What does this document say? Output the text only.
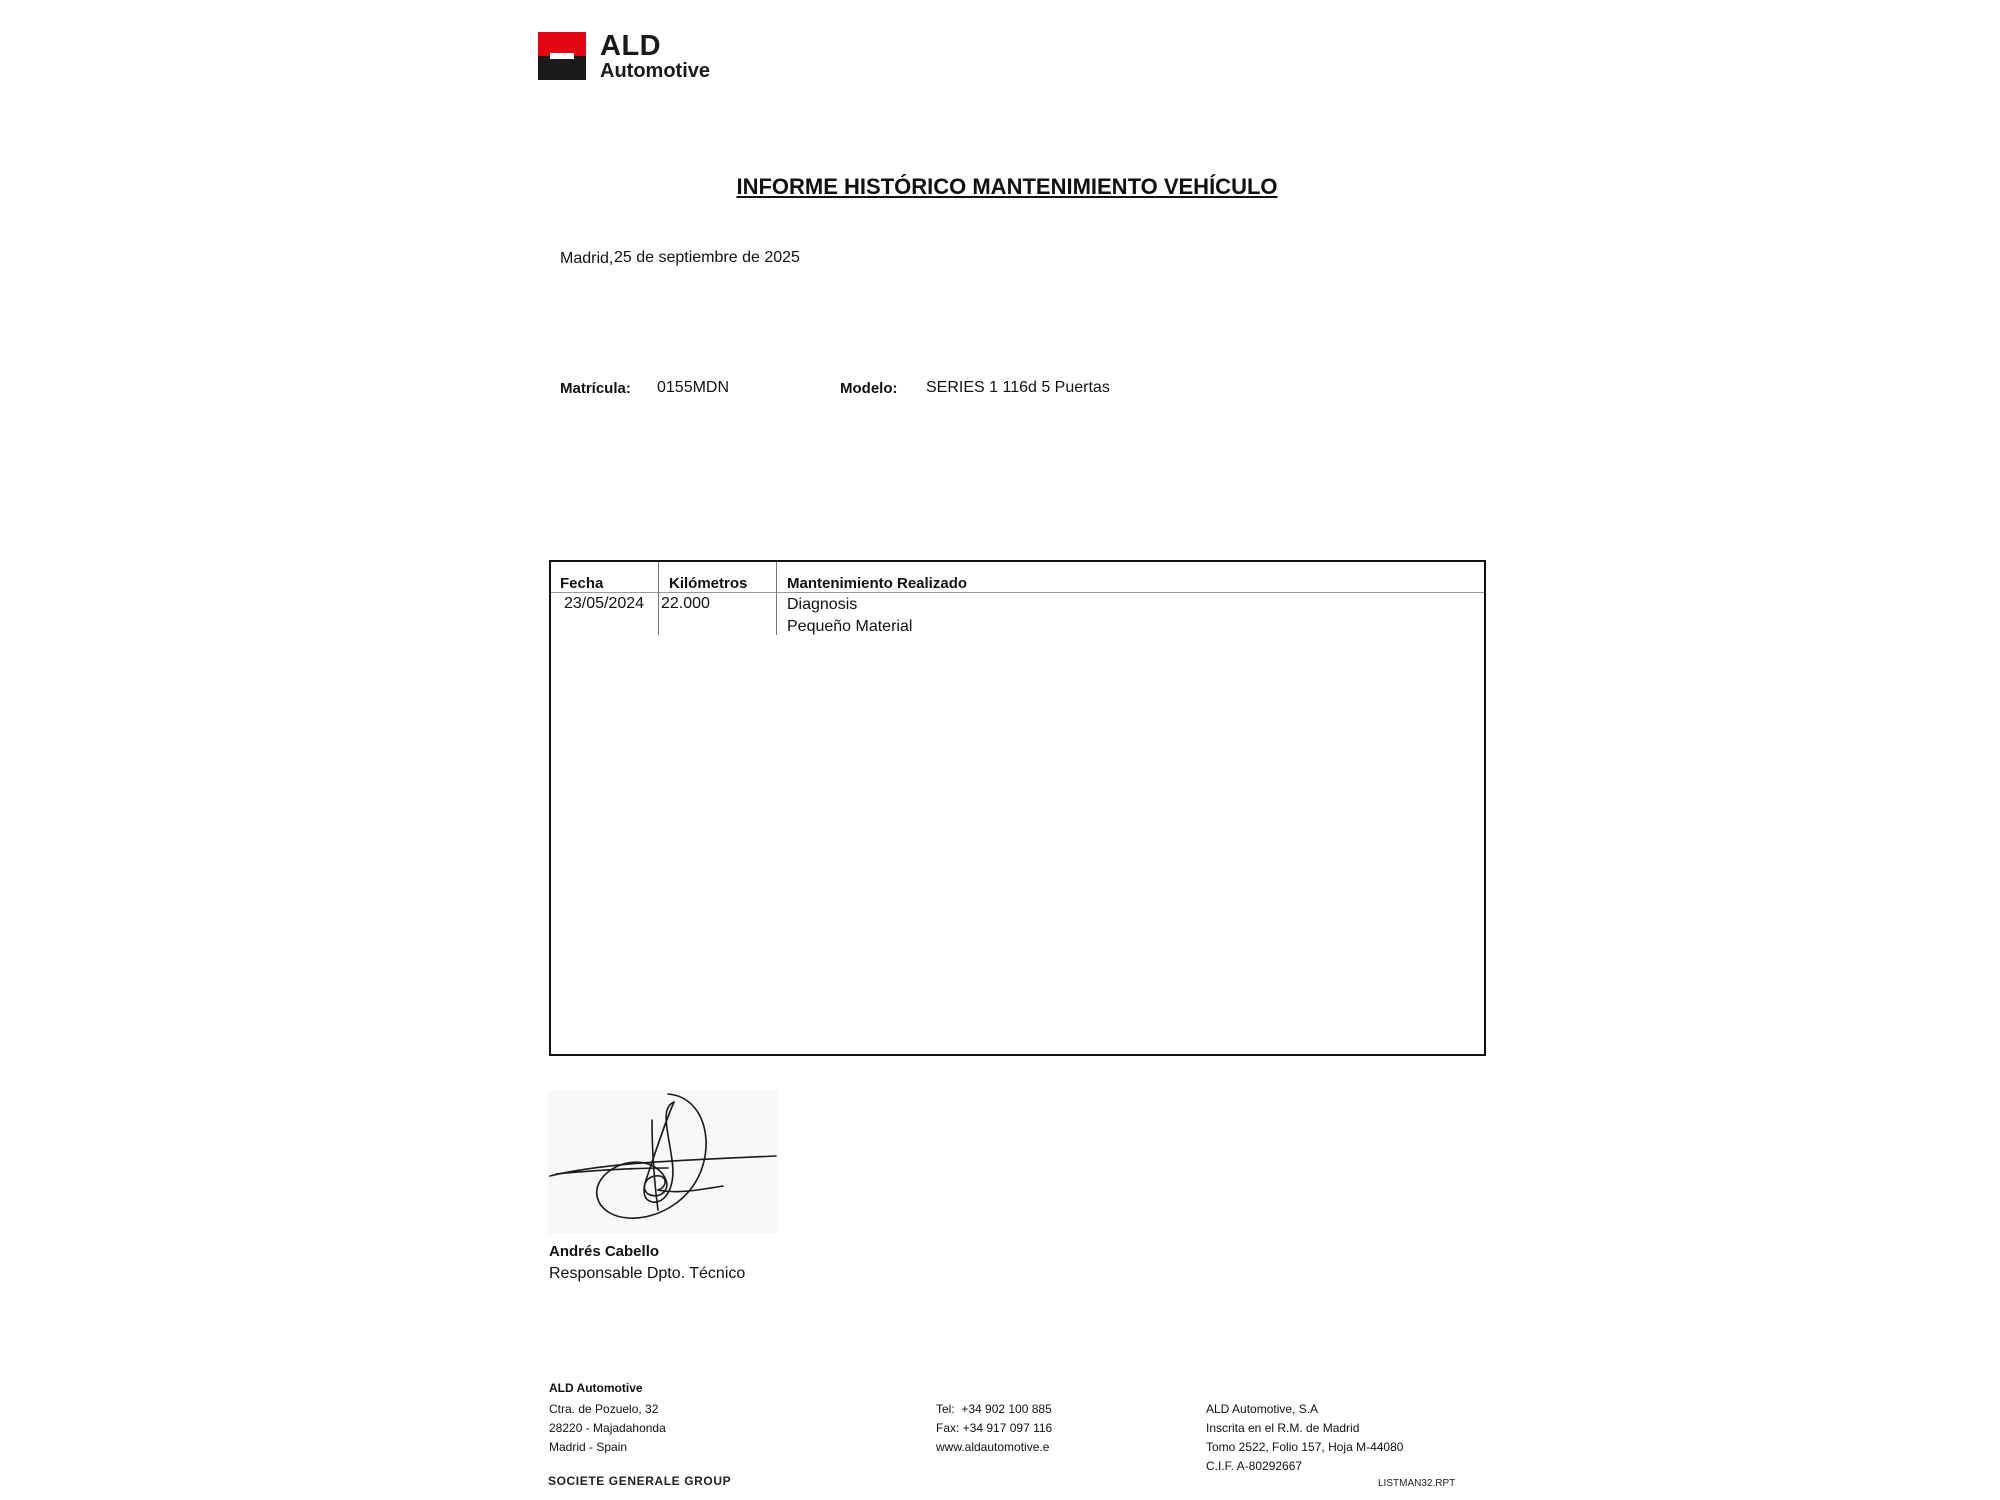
ALD
Automotive
INFORME HISTÓRICO MANTENIMIENTO VEHÍCULO
Madrid, 25 de septiembre de 2025
Matrícula: 0155MDN	Modelo: SERIES 1 116d 5 Puertas
Fecha	Kilómetros	Mantenimiento Realizado
23/05/2024 22.000	Diagnosis
Pequeño Material
Andrés Cabello
Responsable Dpto. Técnico
ALD Automotive
Ctra. de Pozuelo, 32
28220 - Majadahonda
Madrid - Spain
Tel:  +34 902 100 885
Fax: +34 917 097 116
www.aldautomotive.e
ALD Automotive, S.A
Inscrita en el R.M. de Madrid
Tomo 2522, Folio 157, Hoja M-44080
C.I.F. A-80292667
SOCIETE GENERALE GROUP	LISTMAN32.RPT
